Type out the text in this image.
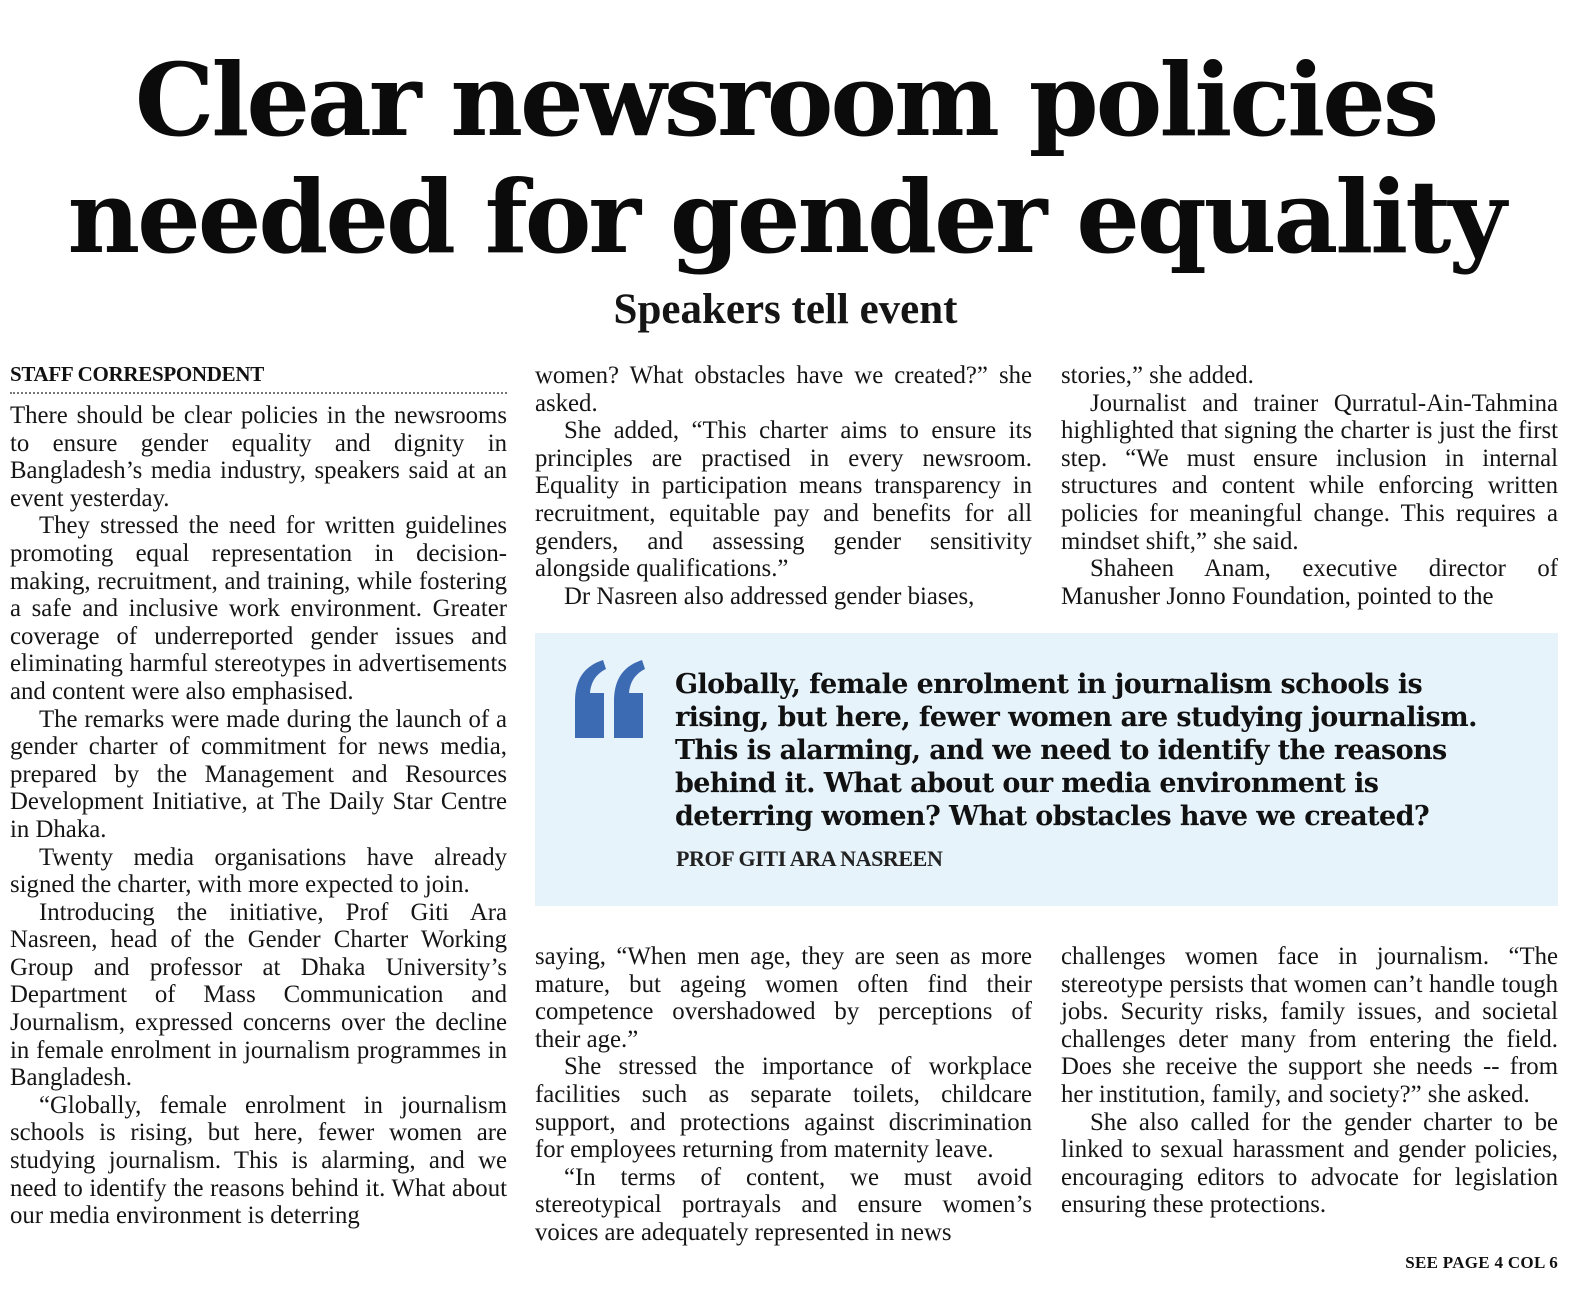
Clear newsroom policies
needed for gender equality
Speakers tell event
STAFF CORRESPONDENT

There should be clear policies in the newsrooms to ensure gender equality and dignity in Bangladesh’s media industry, speakers said at an event yesterday.

They stressed the need for written guidelines promoting equal representation in decision-making, recruitment, and training, while fostering a safe and inclusive work environment. Greater coverage of underreported gender issues and eliminating harmful stereotypes in advertisements and content were also emphasised.

The remarks were made during the launch of a gender charter of commitment for news media, prepared by the Management and Resources Development Initiative, at The Daily Star Centre in Dhaka.

Twenty media organisations have already signed the charter, with more expected to join.

Introducing the initiative, Prof Giti Ara Nasreen, head of the Gender Charter Working Group and professor at Dhaka University’s Department of Mass Communication and Journalism, expressed concerns over the decline in female enrolment in journalism programmes in Bangladesh.

“Globally, female enrolment in journalism schools is rising, but here, fewer women are studying journalism. This is alarming, and we need to identify the reasons behind it. What about our media environment is deterring

women? What obstacles have we created?” she asked.

She added, “This charter aims to ensure its principles are practised in every newsroom. Equality in participation means transparency in recruitment, equitable pay and benefits for all genders, and assessing gender sensitivity alongside qualifications.”

Dr Nasreen also addressed gender biases,

stories,” she added.

Journalist and trainer Qurratul-Ain-Tahmina highlighted that signing the charter is just the first step. “We must ensure inclusion in internal structures and content while enforcing written policies for meaningful change. This requires a mindset shift,” she said.

Shaheen Anam, executive director of Manusher Jonno Foundation, pointed to the

Globally, female enrolment in journalism schools is
rising, but here, fewer women are studying journalism.
This is alarming, and we need to identify the reasons
behind it. What about our media environment is
deterring women? What obstacles have we created?

PROF GITI ARA NASREEN

saying, “When men age, they are seen as more mature, but ageing women often find their competence overshadowed by perceptions of their age.”

She stressed the importance of workplace facilities such as separate toilets, childcare support, and protections against discrimination for employees returning from maternity leave.

“In terms of content, we must avoid stereotypical portrayals and ensure women’s voices are adequately represented in news

challenges women face in journalism. “The stereotype persists that women can’t handle tough jobs. Security risks, family issues, and societal challenges deter many from entering the field. Does she receive the support she needs -- from her institution, family, and society?” she asked.

She also called for the gender charter to be linked to sexual harassment and gender policies, encouraging editors to advocate for legislation ensuring these protections.

SEE PAGE 4 COL 6
